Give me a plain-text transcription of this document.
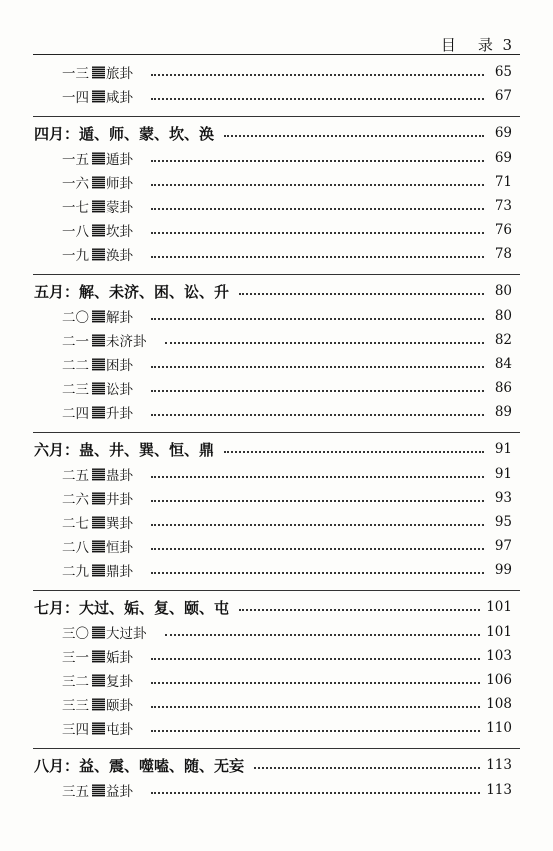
目 录 3
一三 旅卦	65
一四 咸卦	67
四月：遁、师、蒙、坎、涣	69
一五 遁卦	69
一六 师卦	71
一七 蒙卦	73
一八 坎卦	76
一九 涣卦	78
五月：解、未济、困、讼、升	80
二〇 解卦	80
二一 未济卦	82
二二 困卦	84
二三 讼卦	86
二四 升卦	89
六月：蛊、井、巽、恒、鼎	91
二五 蛊卦	91
二六 井卦	93
二七 巽卦	95
二八 恒卦	97
二九 鼎卦	99
七月：大过、姤、复、颐、屯	101
三〇 大过卦	101
三一 姤卦	103
三二 复卦	106
三三 颐卦	108
三四 屯卦	110
八月：益、震、噬嗑、随、无妄	113
三五 益卦	113
